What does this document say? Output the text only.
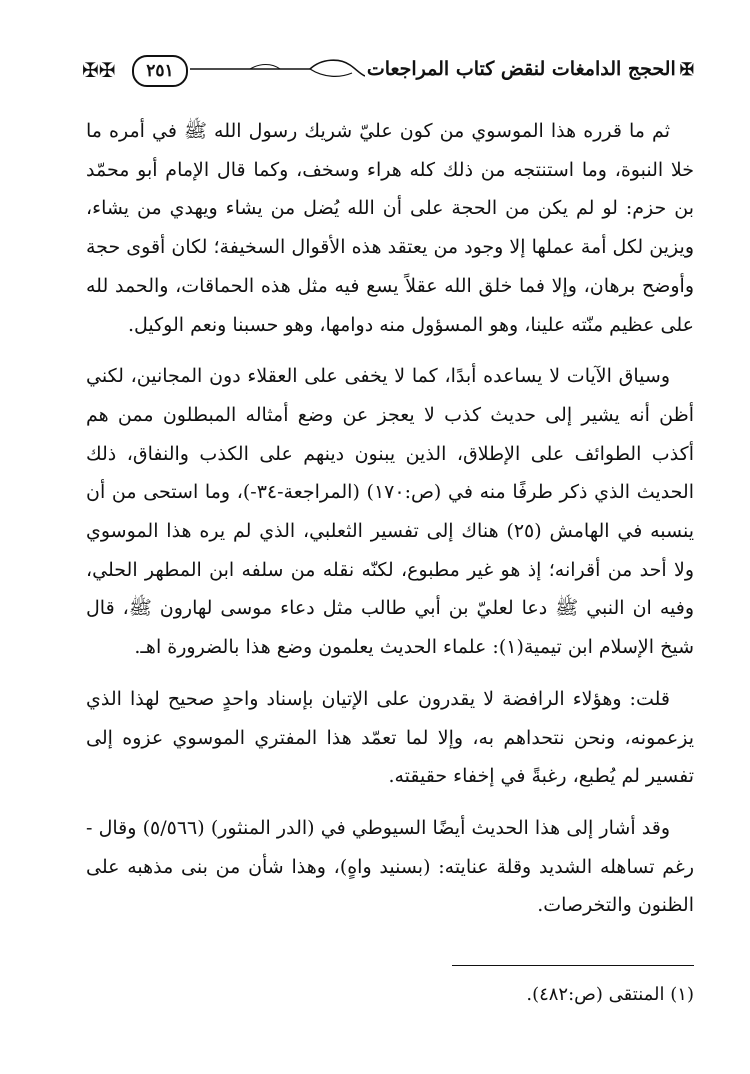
✠الحجج الدامغات لنقض كتاب المراجعات
٢٥١
✠✠

ثم ما قرره هذا الموسوي من كون عليّ شريك رسول الله ﷺ في أمره ما خلا النبوة، وما استنتجه من ذلك كله هراء وسخف، وكما قال الإمام أبو محمّد بن حزم: لو لم يكن من الحجة على أن الله يُضل من يشاء ويهدي من يشاء، ويزين لكل أمة عملها إلا وجود من يعتقد هذه الأقوال السخيفة؛ لكان أقوى حجة وأوضح برهان، وإلا فما خلق الله عقلاً يسع فيه مثل هذه الحماقات، والحمد لله على عظيم منّته علينا، وهو المسؤول منه دوامها، وهو حسبنا ونعم الوكيل.

وسياق الآيات لا يساعده أبدًا، كما لا يخفى على العقلاء دون المجانين، لكني أظن أنه يشير إلى حديث كذب لا يعجز عن وضع أمثاله المبطلون ممن هم أكذب الطوائف على الإطلاق، الذين يبنون دينهم على الكذب والنفاق، ذلك الحديث الذي ذكر طرفًا منه في (ص:١٧٠) (المراجعة-٣٤-)، وما استحى من أن ينسبه في الهامش (٢٥) هناك إلى تفسير الثعلبي، الذي لم يره هذا الموسوي ولا أحد من أقرانه؛ إذ هو غير مطبوع، لكنّه نقله من سلفه ابن المطهر الحلي، وفيه ان النبي ﷺ دعا لعليّ بن أبي طالب مثل دعاء موسى لهارون ﷺ، قال شيخ الإسلام ابن تيمية(١): علماء الحديث يعلمون وضع هذا بالضرورة اهـ.

قلت: وهؤلاء الرافضة لا يقدرون على الإتيان بإسناد واحدٍ صحيح لهذا الذي يزعمونه، ونحن نتحداهم به، وإلا لما تعمّد هذا المفتري الموسوي عزوه إلى تفسير لم يُطبع، رغبةً في إخفاء حقيقته.

وقد أشار إلى هذا الحديث أيضًا السيوطي في (الدر المنثور) (٥/٥٦٦) وقال - رغم تساهله الشديد وقلة عنايته: (بسنيد واهٍ)، وهذا شأن من بنى مذهبه على الظنون والتخرصات.

(١) المنتقى (ص:٤٨٢).
